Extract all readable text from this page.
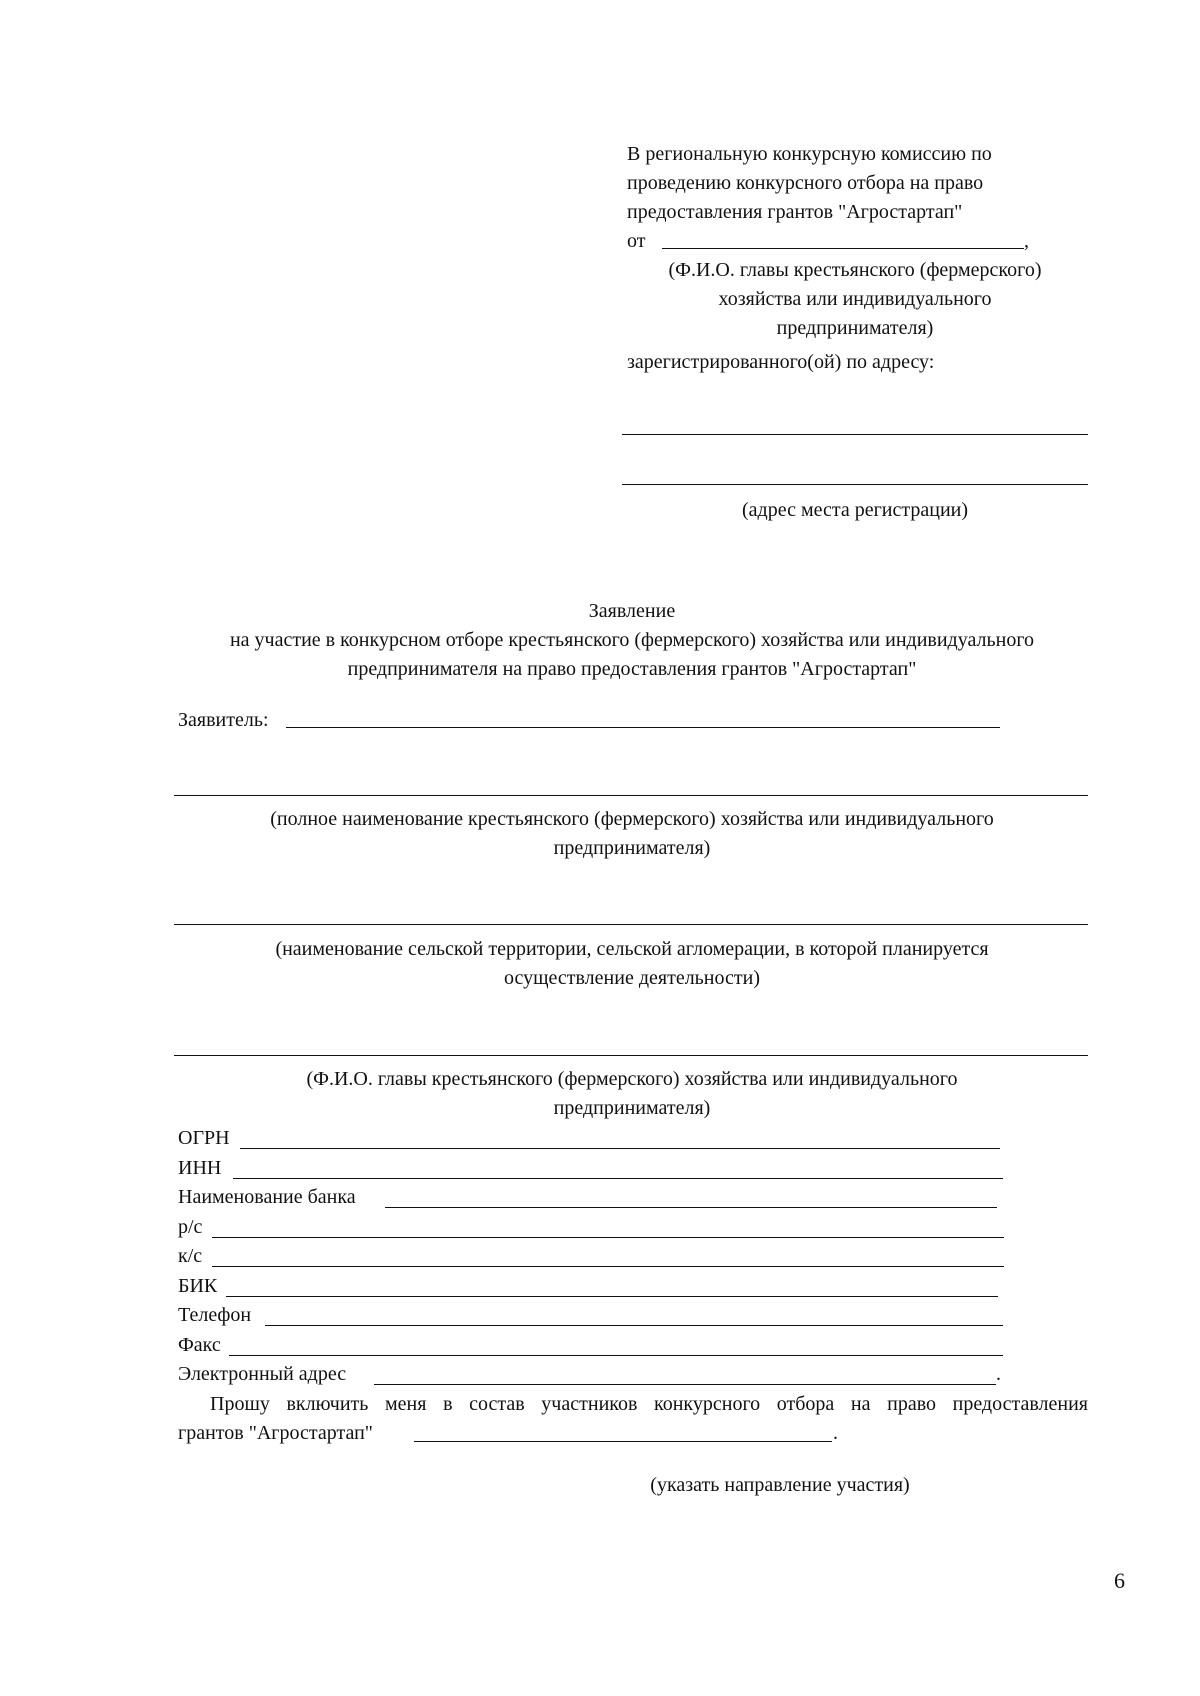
В региональную конкурсную комиссию по
проведению конкурсного отбора на право
предоставления грантов "Агростартап"
от	,
(Ф.И.О. главы крестьянского (фермерского)
хозяйства или индивидуального
предпринимателя)
зарегистрированного(ой) по адресу:
(адрес места регистрации)
Заявление
на участие в конкурсном отборе крестьянского (фермерского) хозяйства или индивидуального
предпринимателя на право предоставления грантов "Агростартап"
Заявитель:
(полное наименование крестьянского (фермерского) хозяйства или индивидуального
предпринимателя)
(наименование сельской территории, сельской агломерации, в которой планируется
осуществление деятельности)
(Ф.И.О. главы крестьянского (фермерского) хозяйства или индивидуального
предпринимателя)
ОГРН
ИНН
Наименование банка
р/с
к/с
БИК
Телефон
Факс
Электронный адрес	.
Прошу включить меня в состав участников конкурсного отбора на право предоставления
грантов "Агростартап"	.
(указать направление участия)
6
